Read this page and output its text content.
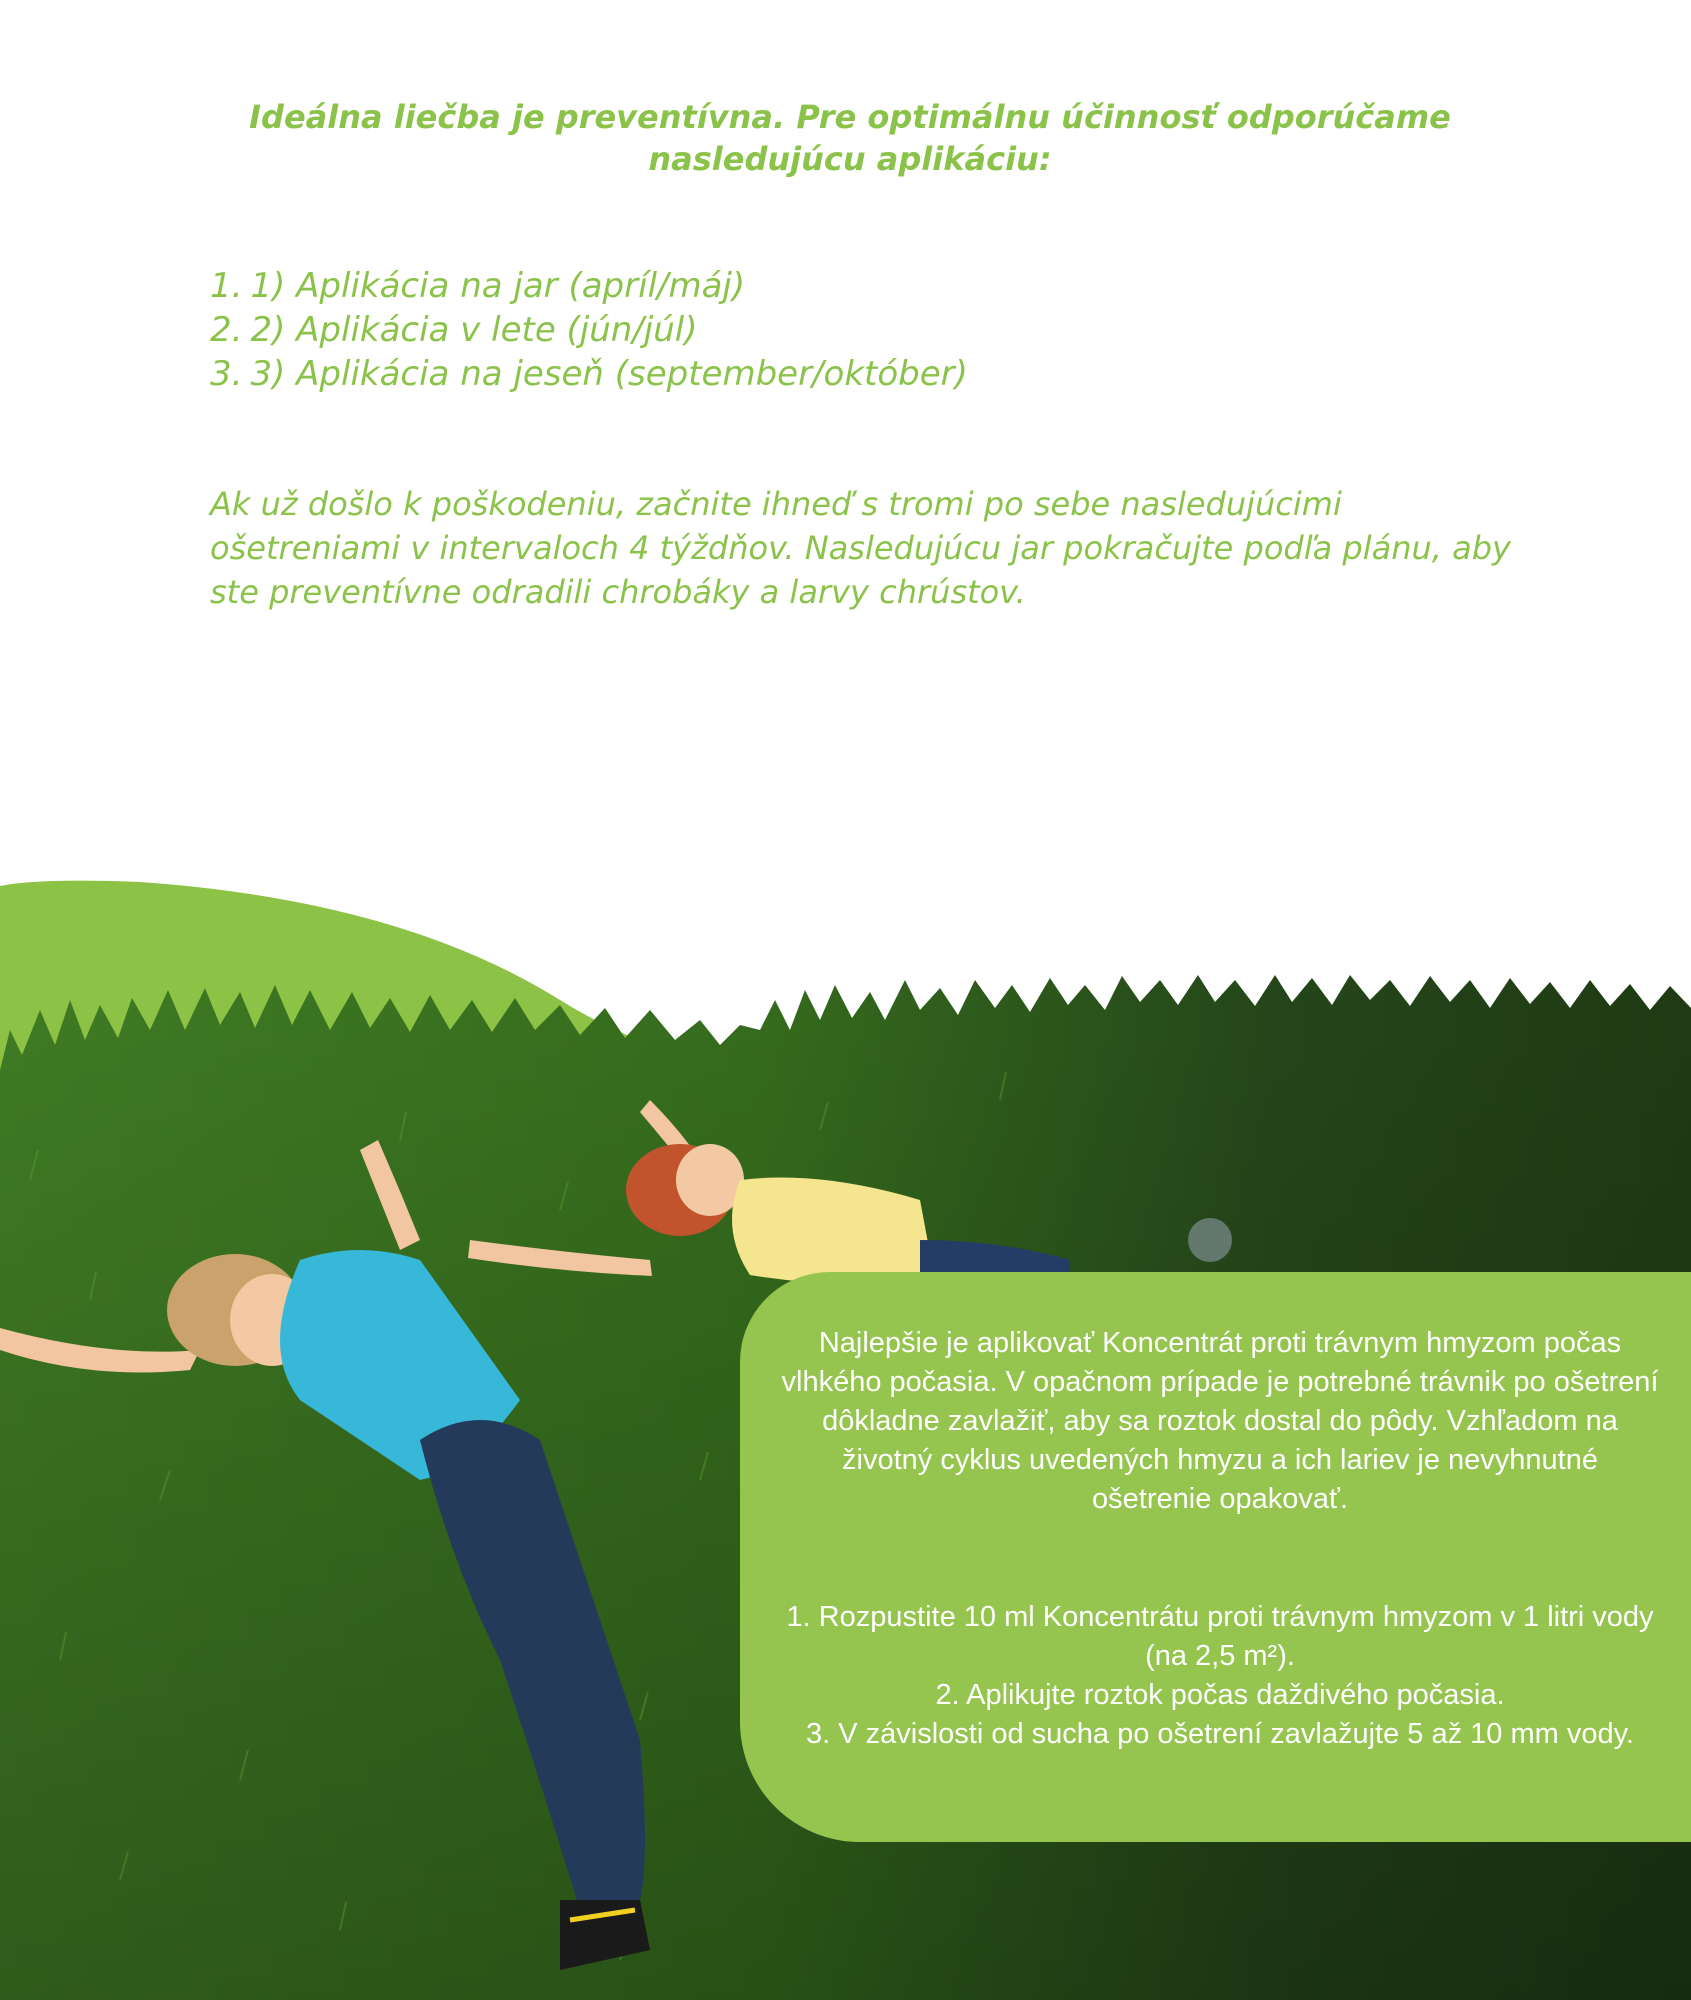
Ideálna liečba je preventívna. Pre optimálnu účinnosť odporúčame nasledujúcu aplikáciu:
1. 1) Aplikácia na jar (apríl/máj)
2. 2) Aplikácia v lete (jún/júl)
3. 3) Aplikácia na jeseň (september/október)

Ak už došlo k poškodeniu, začnite ihneď s tromi po sebe nasledujúcimi ošetreniami v intervaloch 4 týždňov. Nasledujúcu jar pokračujte podľa plánu, aby ste preventívne odradili chrobáky a larvy chrústov.

Najlepšie je aplikovať Koncentrát proti trávnym hmyzom počas vlhkého počasia. V opačnom prípade je potrebné trávnik po ošetrení dôkladne zavlažiť, aby sa roztok dostal do pôdy. Vzhľadom na životný cyklus uvedených hmyzu a ich lariev je nevyhnutné ošetrenie opakovať.

1. Rozpustite 10 ml Koncentrátu proti trávnym hmyzom v 1 litri vody (na 2,5 m²).
2. Aplikujte roztok počas daždivého počasia.
3. V závislosti od sucha po ošetrení zavlažujte 5 až 10 mm vody.
